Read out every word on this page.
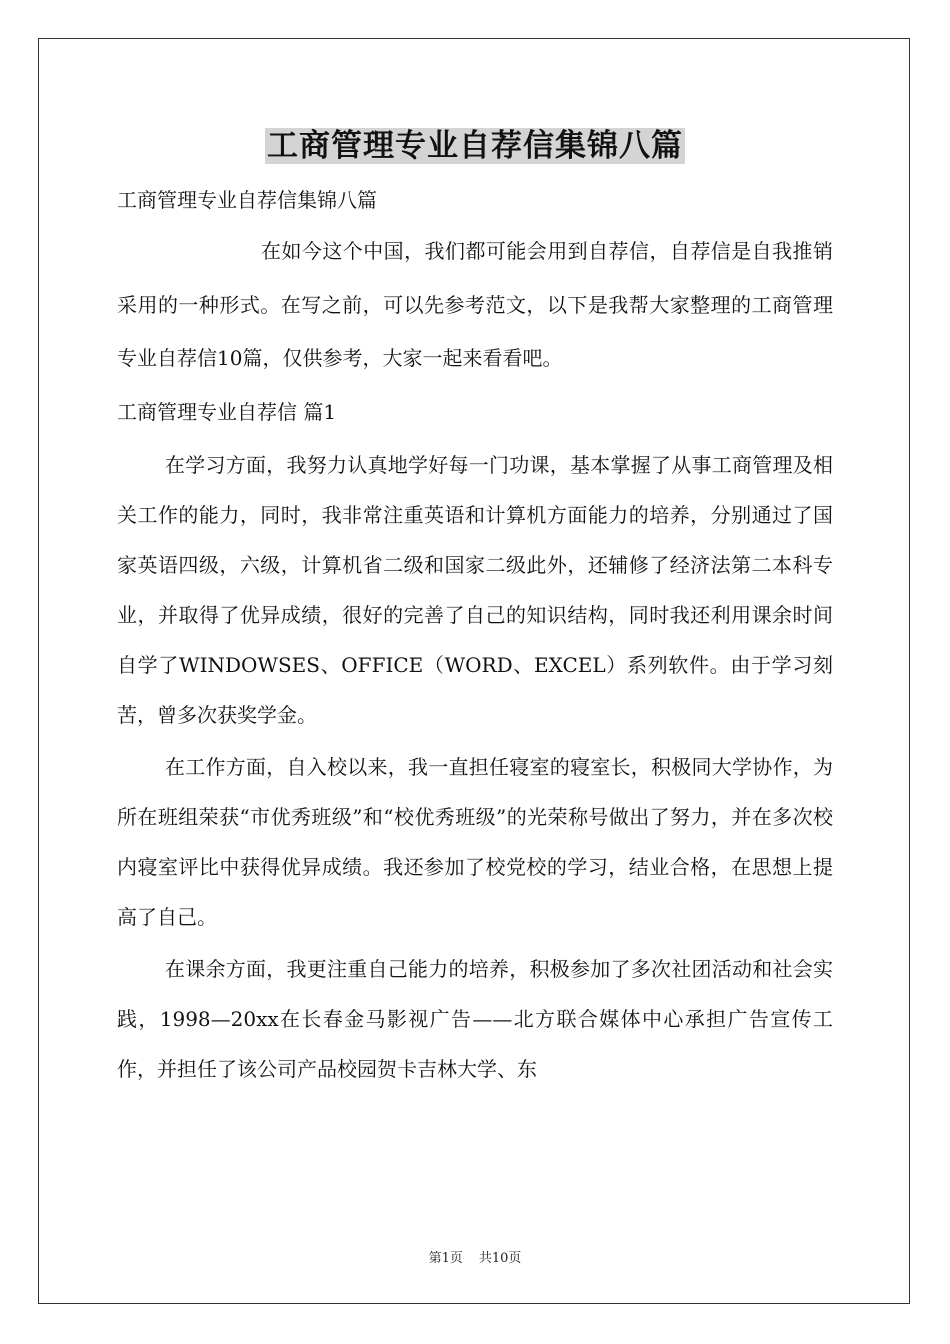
工商管理专业自荐信集锦八篇

工商管理专业自荐信集锦八篇

在如今这个中国，我们都可能会用到自荐信，自荐信是自我推销采用的一种形式。在写之前，可以先参考范文，以下是我帮大家整理的工商管理专业自荐信10篇，仅供参考，大家一起来看看吧。

工商管理专业自荐信 篇1

在学习方面，我努力认真地学好每一门功课，基本掌握了从事工商管理及相关工作的能力，同时，我非常注重英语和计算机方面能力的培养，分别通过了国家英语四级，六级，计算机省二级和国家二级此外，还辅修了经济法第二本科专业，并取得了优异成绩，很好的完善了自己的知识结构，同时我还利用课余时间自学了WINDOWSES、OFFICE（WORD、EXCEL）系列软件。由于学习刻苦，曾多次获奖学金。

在工作方面，自入校以来，我一直担任寝室的寝室长，积极同大学协作，为所在班组荣获“市优秀班级”和“校优秀班级”的光荣称号做出了努力，并在多次校内寝室评比中获得优异成绩。我还参加了校党校的学习，结业合格，在思想上提高了自己。

在课余方面，我更注重自己能力的培养，积极参加了多次社团活动和社会实践，1998—20xx在长春金马影视广告——北方联合媒体中心承担广告宣传工作，并担任了该公司产品校园贺卡吉林大学、东

第1页 共10页
